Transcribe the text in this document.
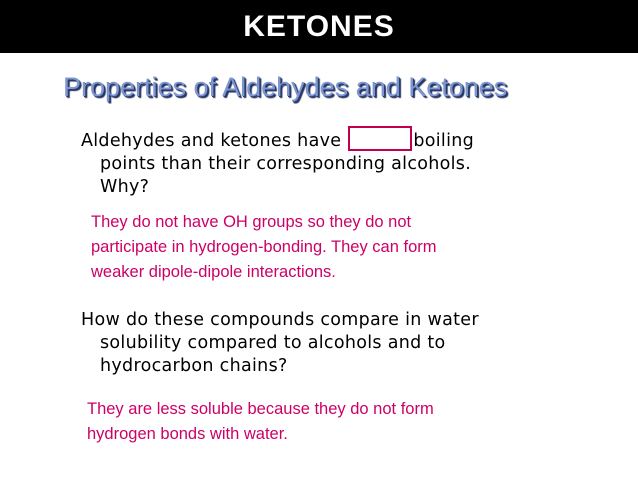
KETONES
Properties of Aldehydes and Ketones
Aldehydes and ketones have	boiling
points than their corresponding alcohols.
Why?
They do not have OH groups so they do not
participate in hydrogen-bonding. They can form
weaker dipole-dipole interactions.
How do these compounds compare in water
solubility compared to alcohols and to
hydrocarbon chains?
They are less soluble because they do not form
hydrogen bonds with water.
